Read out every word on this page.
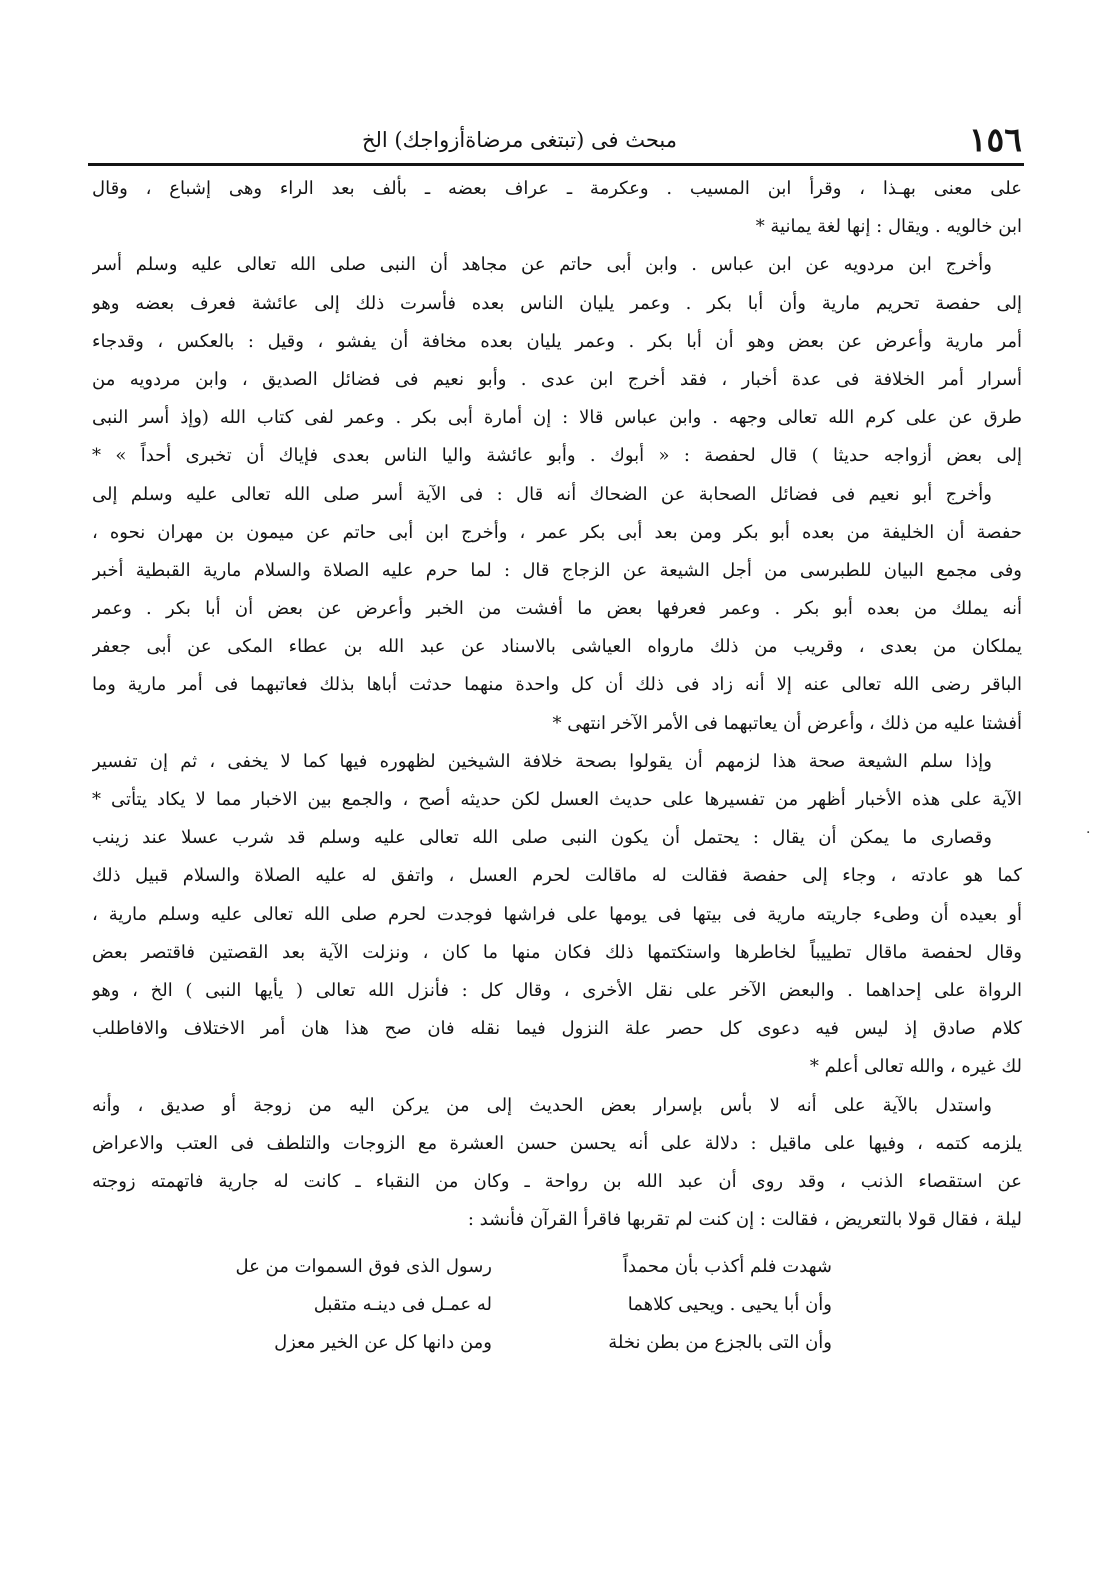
١٥٦
مبحث فى (تبتغى مرضاةأزواجك) الخ
على معنى بهـذا ، وقرأ ابن المسيب . وعكرمة ـ عراف بعضه ـ بألف بعد الراء وهى إشباع ، وقال
ابن خالويه . ويقال : إنها لغة يمانية *
وأخرج ابن مردويه عن ابن عباس . وابن أبى حاتم عن مجاهد أن النبى صلى الله تعالى عليه وسلم أسر
إلى حفصة تحريم مارية وأن أبا بكر . وعمر يليان الناس بعده فأسرت ذلك إلى عائشة فعرف بعضه وهو
أمر مارية وأعرض عن بعض وهو أن أبا بكر . وعمر يليان بعده مخافة أن يفشو ، وقيل : بالعكس ، وقدجاء
أسرار أمر الخلافة فى عدة أخبار ، فقد أخرج ابن عدى . وأبو نعيم فى فضائل الصديق ، وابن مردويه من
طرق عن على كرم الله تعالى وجهه . وابن عباس قالا : إن أمارة أبى بكر . وعمر لفى كتاب الله (وإذ أسر النبى
إلى بعض أزواجه حديثا ) قال لحفصة : « أبوك . وأبو عائشة واليا الناس بعدى فإياك أن تخبرى أحداً » *
وأخرج أبو نعيم فى فضائل الصحابة عن الضحاك أنه قال : فى الآية أسر صلى الله تعالى عليه وسلم إلى
حفصة أن الخليفة من بعده أبو بكر ومن بعد أبى بكر عمر ، وأخرج ابن أبى حاتم عن ميمون بن مهران نحوه ،
وفى مجمع البيان للطبرسى من أجل الشيعة عن الزجاج قال : لما حرم عليه الصلاة والسلام مارية القبطية أخبر
أنه يملك من بعده أبو بكر . وعمر فعرفها بعض ما أفشت من الخبر وأعرض عن بعض أن أبا بكر . وعمر
يملكان من بعدى ، وقريب من ذلك مارواه العياشى بالاسناد عن عبد الله بن عطاء المكى عن أبى جعفر
الباقر رضى الله تعالى عنه إلا أنه زاد فى ذلك أن كل واحدة منهما حدثت أباها بذلك فعاتبهما فى أمر مارية وما
أفشتا عليه من ذلك ، وأعرض أن يعاتبهما فى الأمر الآخر انتهى *
وإذا سلم الشيعة صحة هذا لزمهم أن يقولوا بصحة خلافة الشيخين لظهوره فيها كما لا يخفى ، ثم إن تفسير
الآية على هذه الأخبار أظهر من تفسيرها على حديث العسل لكن حديثه أصح ، والجمع بين الاخبار مما لا يكاد يتأتى *
وقصارى ما يمكن أن يقال : يحتمل أن يكون النبى صلى الله تعالى عليه وسلم قد شرب عسلا عند زينب
كما هو عادته ، وجاء إلى حفصة فقالت له ماقالت لحرم العسل ، واتفق له عليه الصلاة والسلام قبيل ذلك
أو بعيده أن وطىء جاريته مارية فى بيتها فى يومها على فراشها فوجدت لحرم صلى الله تعالى عليه وسلم مارية ،
وقال لحفصة ماقال تطييباً لخاطرها واستكتمها ذلك فكان منها ما كان ، ونزلت الآية بعد القصتين فاقتصر بعض
الرواة على إحداهما . والبعض الآخر على نقل الأخرى ، وقال كل : فأنزل الله تعالى ( يأيها النبى ) الخ ، وهو
كلام صادق إذ ليس فيه دعوى كل حصر علة النزول فيما نقله فان صح هذا هان أمر الاختلاف والافاطلب
لك غيره ، والله تعالى أعلم *
واستدل بالآية على أنه لا بأس بإسرار بعض الحديث إلى من يركن اليه من زوجة أو صديق ، وأنه
يلزمه كتمه ، وفيها على ماقيل : دلالة على أنه يحسن حسن العشرة مع الزوجات والتلطف فى العتب والاعراض
عن استقصاء الذنب ، وقد روى أن عبد الله بن رواحة ـ وكان من النقباء ـ كانت له جارية فاتهمته زوجته
ليلة ، فقال قولا بالتعريض ، فقالت : إن كنت لم تقربها فاقرأ القرآن فأنشد :
شهدت فلم أكذب بأن محمداً
رسول الذى فوق السموات من عل
وأن أبا يحيى . ويحيى كلاهما
له عمـل فى دينـه متقبل
وأن التى بالجزع من بطن نخلة
ومن دانها كل عن الخير معزل
·
